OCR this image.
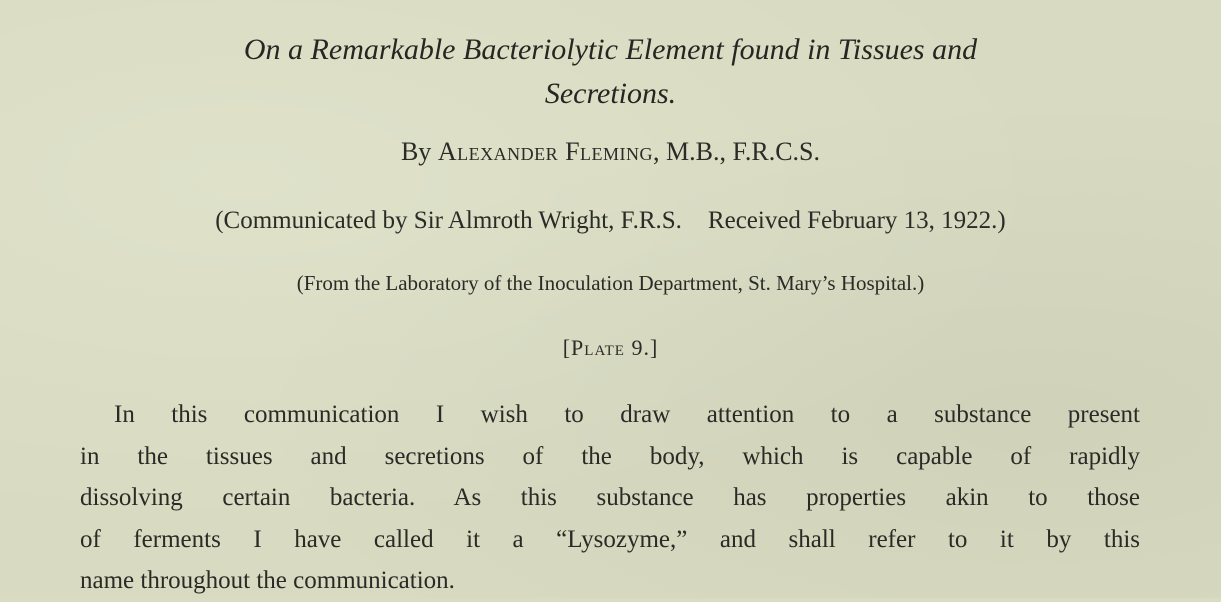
On a Remarkable Bacteriolytic Element found in Tissues and
Secretions.

By Alexander Fleming, M.B., F.R.C.S.

(Communicated by Sir Almroth Wright, F.R.S. Received February 13, 1922.)

(From the Laboratory of the Inoculation Department, St. Mary’s Hospital.)

[Plate 9.]

In this communication I wish to draw attention to a substance present
in the tissues and secretions of the body, which is capable of rapidly
dissolving certain bacteria. As this substance has properties akin to those
of ferments I have called it a “Lysozyme,” and shall refer to it by this
name throughout the communication.
